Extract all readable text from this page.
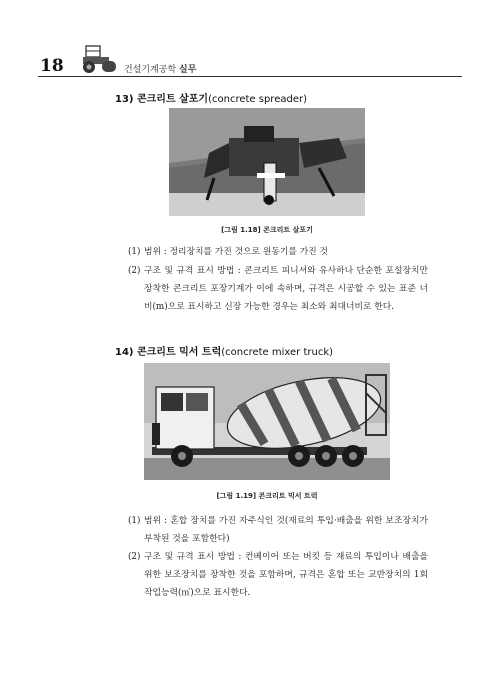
18	건설기계공학 실무
13) 콘크리트 살포기(concrete spreader)
[그림 1.18] 콘크리트 살포기
(1) 범위 : 정리장치를 가진 것으로 원동기를 가진 것
(2) 구조 및 규격 표시 방법 : 콘크리트 피니셔와 유사하나 단순한 포설장치만 장착한 콘크리트 포장기계가 이에 속하며, 규격은 시공할 수 있는 표준 너비(m)으로 표시하고 신장 가능한 경우는 최소와 최대너비로 한다.
14) 콘크리트 믹서 트럭(concrete mixer truck)
[그림 1.19] 콘크리트 믹서 트럭
(1) 범위 : 혼합 장치를 가진 자주식인 것(재료의 투입·배출을 위한 보조장치가 부착된 것을 포함한다)
(2) 구조 및 규격 표시 방법 : 컨베이어 또는 버킷 등 재료의 투입이나 배출을 위한 보조장치를 장착한 것을 포함하며, 규격은 혼합 또는 교반장치의 1회 작업능력(㎥)으로 표시한다.
